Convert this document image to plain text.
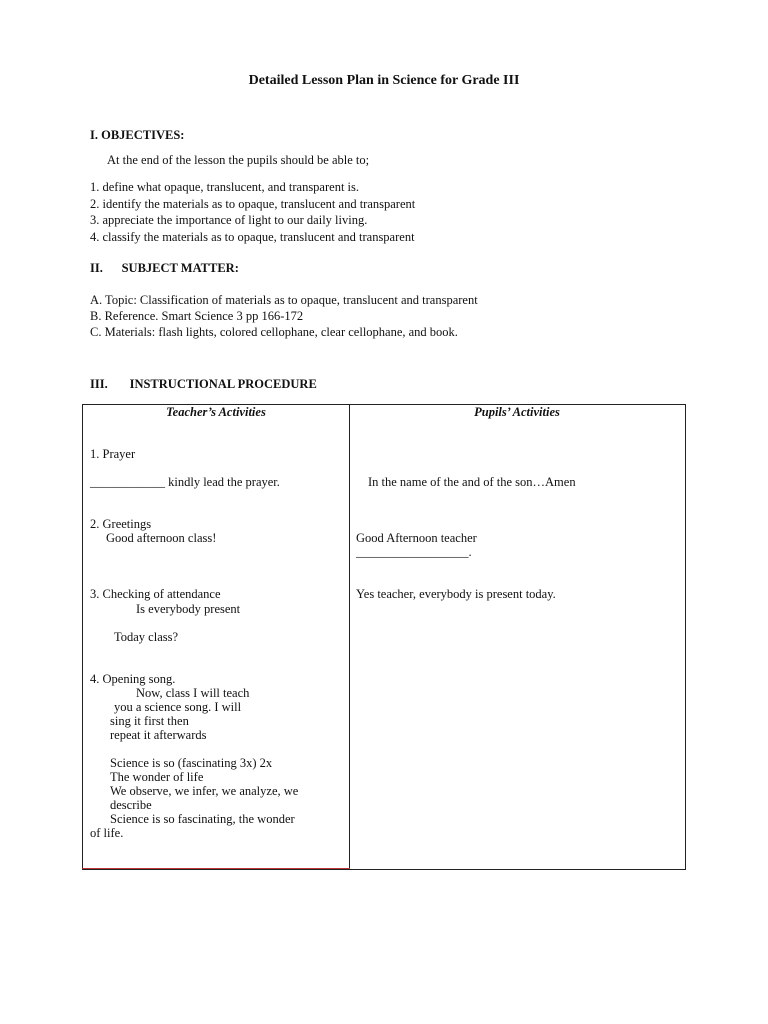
Detailed Lesson Plan in Science for Grade III
I. OBJECTIVES:
At the end of the lesson the pupils should be able to;
1. define what opaque, translucent, and transparent is.
2. identify the materials as to opaque, translucent and transparent
3. appreciate the importance of light to our daily living.
4. classify the materials as to opaque, translucent and transparent
II.      SUBJECT MATTER:
A. Topic: Classification of materials as to opaque, translucent and transparent
B. Reference. Smart Science 3 pp 166-172
C. Materials: flash lights, colored cellophane, clear cellophane, and book.
III.       INSTRUCTIONAL PROCEDURE
Teacher’s Activities	Pupils’ Activities
1. Prayer
____________ kindly lead the prayer.
2. Greetings
Good afternoon class!
3. Checking of attendance
Is everybody present
Today class?
4. Opening song.
Now, class I will teach
you a science song. I will
sing it first then
repeat it afterwards
Science is so (fascinating 3x) 2x
The wonder of life
We observe, we infer, we analyze, we
describe
Science is so fascinating, the wonder
of life.
In the name of the and of the son…Amen
Good Afternoon teacher
__________________.
Yes teacher, everybody is present today.
